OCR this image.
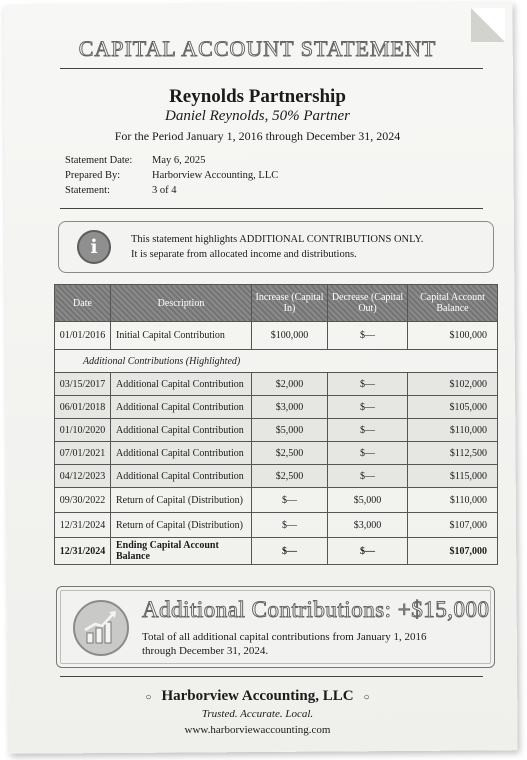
CAPITAL ACCOUNT STATEMENT
Reynolds Partnership
Daniel Reynolds, 50% Partner
For the Period January 1, 2016 through December 31, 2024
Statement Date:	May 6, 2025
Prepared By:	Harborview Accounting, LLC
Statement:	3 of 4
i	This statement highlights ADDITIONAL CONTRIBUTIONS ONLY.
It is separate from allocated income and distributions.
Date	Description	Increase (Capital In)	Decrease (Capital Out)	Capital Account Balance
01/01/2016	Initial Capital Contribution	$100,000	$—	$100,000
Additional Contributions (Highlighted)				
03/15/2017	Additional Capital Contribution	$2,000	$—	$102,000
06/01/2018	Additional Capital Contribution	$3,000	$—	$105,000
01/10/2020	Additional Capital Contribution	$5,000	$—	$110,000
07/01/2021	Additional Capital Contribution	$2,500	$—	$112,500
04/12/2023	Additional Capital Contribution	$2,500	$—	$115,000
09/30/2022	Return of Capital (Distribution)	$—	$5,000	$110,000
12/31/2024	Return of Capital (Distribution)	$—	$3,000	$107,000
12/31/2024	Ending Capital Account Balance	$—	$—	$107,000
Additional Contributions: +$15,000
Total of all additional capital contributions from January 1, 2016 through December 31, 2024.
○ Harborview Accounting, LLC ○
Trusted. Accurate. Local.
www.harborviewaccounting.com
